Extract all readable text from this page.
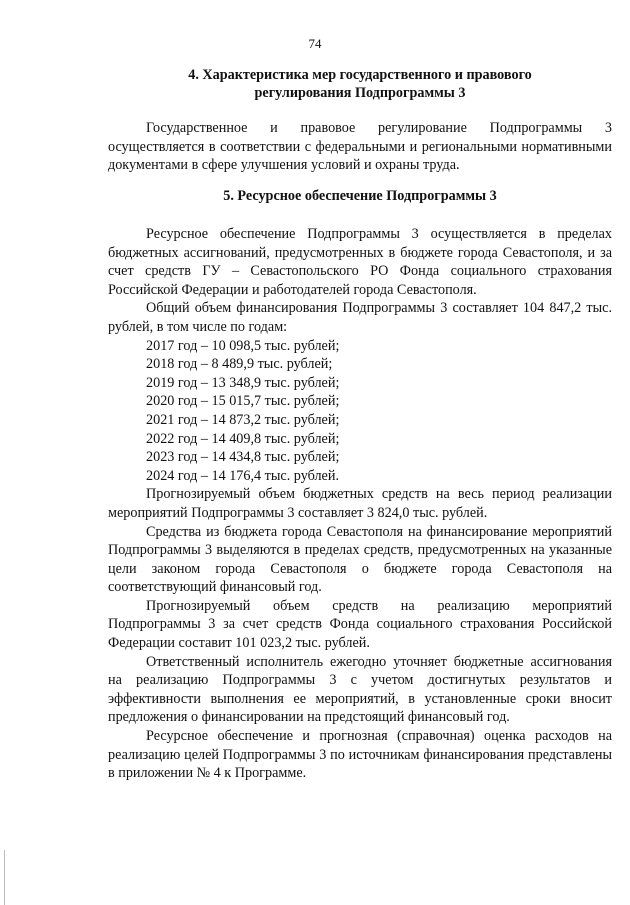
74
4. Характеристика мер государственного и правового
регулирования Подпрограммы 3

Государственное и правовое регулирование Подпрограммы 3 осуществляется в соответствии с федеральными и региональными нормативными документами в сфере улучшения условий и охраны труда.

5. Ресурсное обеспечение Подпрограммы 3

Ресурсное обеспечение Подпрограммы 3 осуществляется в пределах бюджетных ассигнований, предусмотренных в бюджете города Севастополя, и за счет средств ГУ – Севастопольского РО Фонда социального страхования Российской Федерации и работодателей города Севастополя.

Общий объем финансирования Подпрограммы 3 составляет 104 847,2 тыс. рублей, в том числе по годам:

2017 год – 10 098,5 тыс. рублей;
2018 год – 8 489,9 тыс. рублей;
2019 год – 13 348,9 тыс. рублей;
2020 год – 15 015,7 тыс. рублей;
2021 год – 14 873,2 тыс. рублей;
2022 год – 14 409,8 тыс. рублей;
2023 год – 14 434,8 тыс. рублей;
2024 год – 14 176,4 тыс. рублей.

Прогнозируемый объем бюджетных средств на весь период реализации мероприятий Подпрограммы 3 составляет 3 824,0 тыс. рублей.

Средства из бюджета города Севастополя на финансирование мероприятий Подпрограммы 3 выделяются в пределах средств, предусмотренных на указанные цели законом города Севастополя о бюджете города Севастополя на соответствующий финансовый год.

Прогнозируемый объем средств на реализацию мероприятий Подпрограммы 3 за счет средств Фонда социального страхования Российской Федерации составит 101 023,2 тыс. рублей.

Ответственный исполнитель ежегодно уточняет бюджетные ассигнования на реализацию Подпрограммы 3 с учетом достигнутых результатов и эффективности выполнения ее мероприятий, в установленные сроки вносит предложения о финансировании на предстоящий финансовый год.

Ресурсное обеспечение и прогнозная (справочная) оценка расходов на реализацию целей Подпрограммы 3 по источникам финансирования представлены в приложении № 4 к Программе.
